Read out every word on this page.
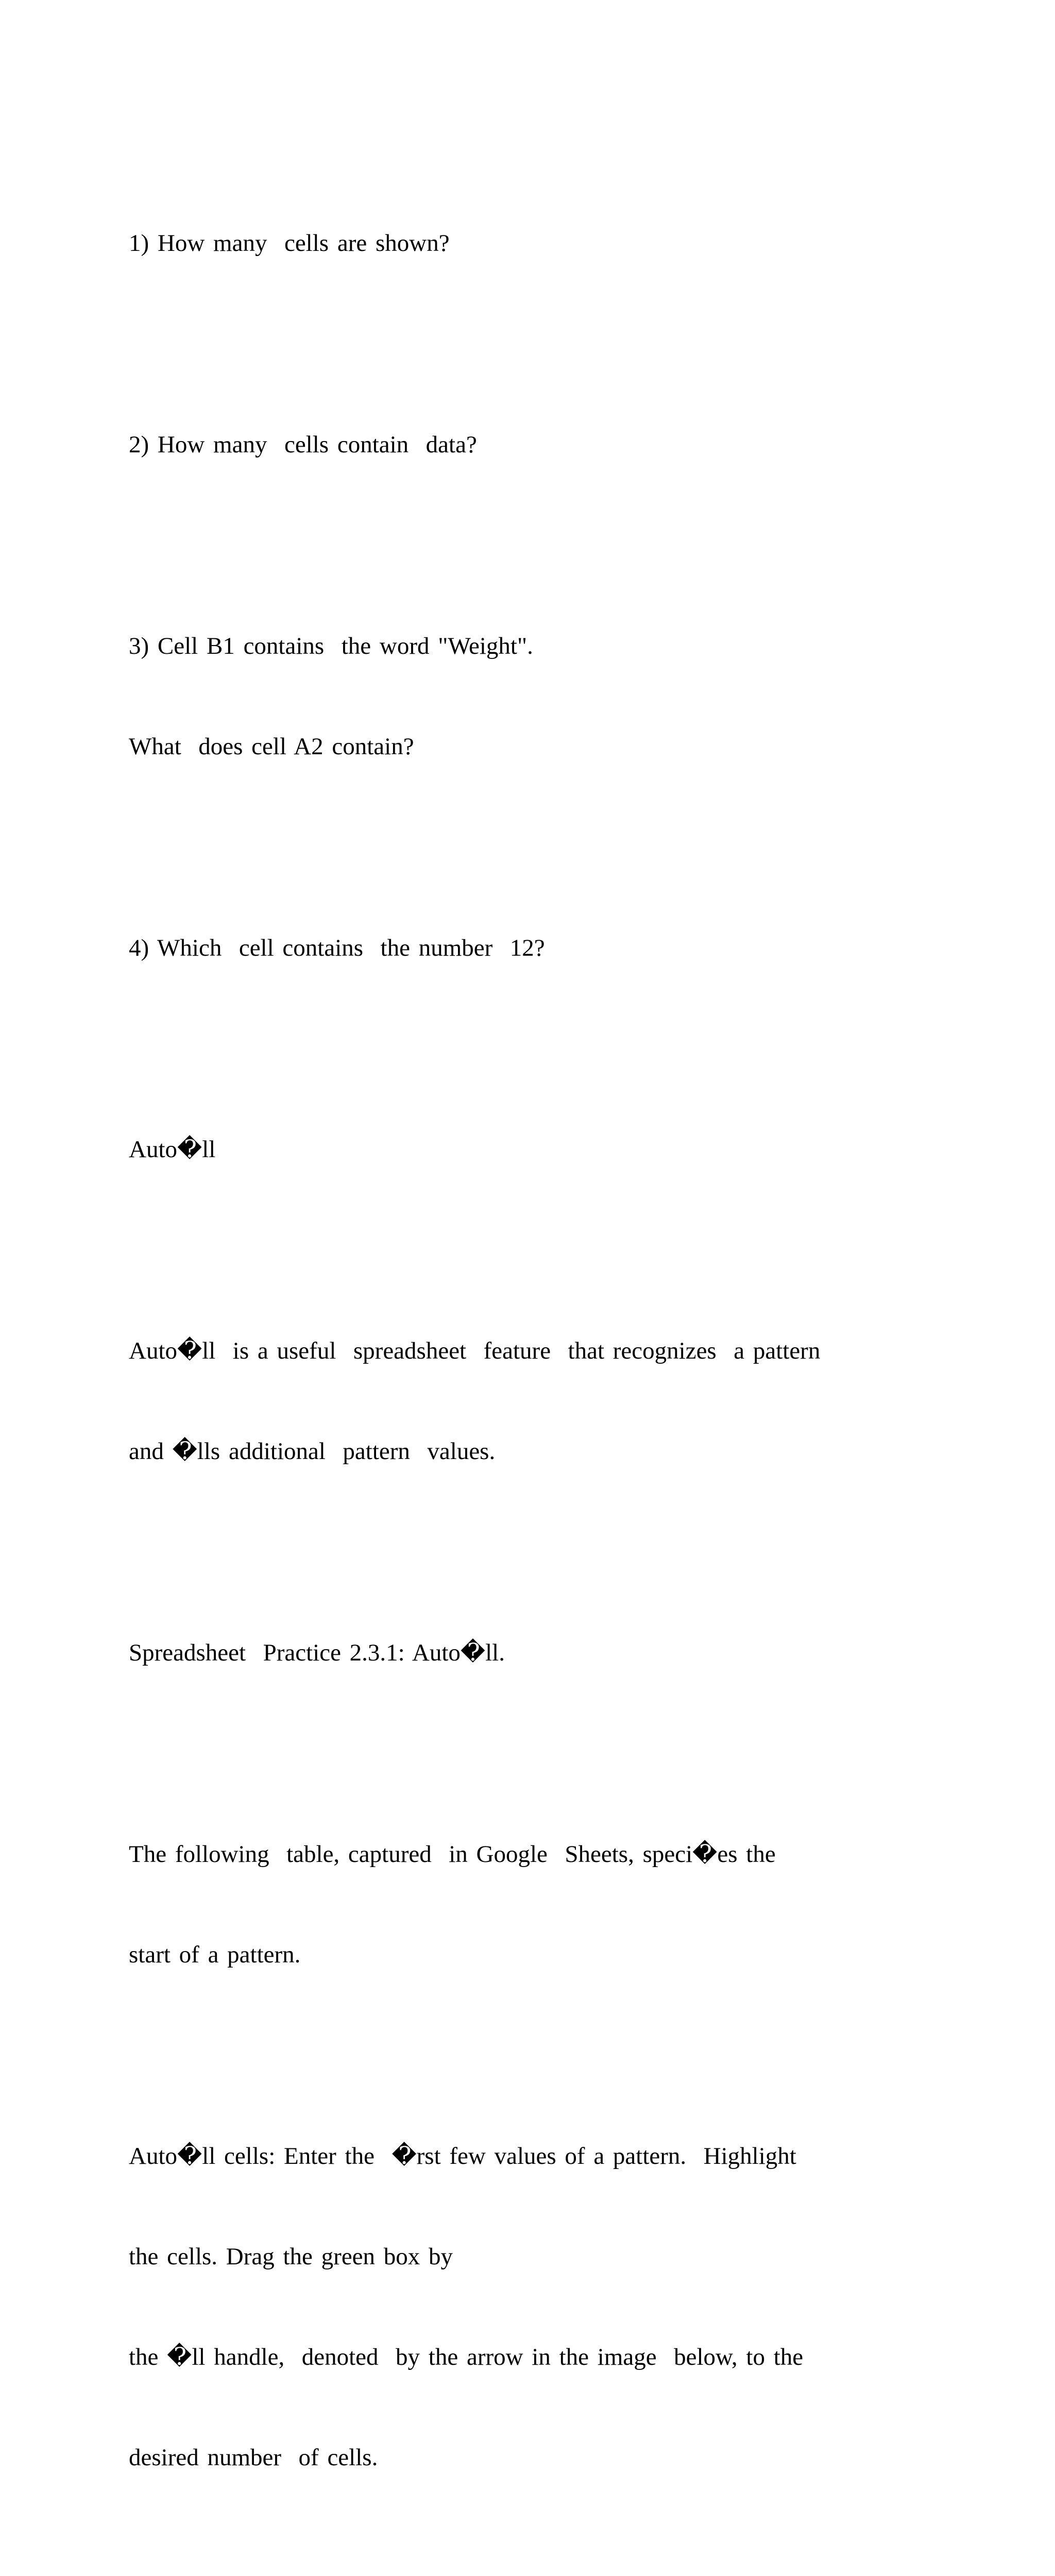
1) How many  cells are shown?

2) How many  cells contain  data?

3) Cell B1 contains  the word "Weight".

What  does cell A2 contain?

4) Which  cell contains  the number  12?

Auto�ll

Auto�ll  is a useful  spreadsheet  feature  that recognizes  a pattern

and �lls additional  pattern  values.

Spreadsheet  Practice 2.3.1: Auto�ll.

The following  table, captured  in Google  Sheets, speci�es the

start of a pattern.

Auto�ll cells: Enter the  �rst few values of a pattern.  Highlight

the cells. Drag the green box by

the �ll handle,  denoted  by the arrow in the image  below, to the

desired number  of cells.
